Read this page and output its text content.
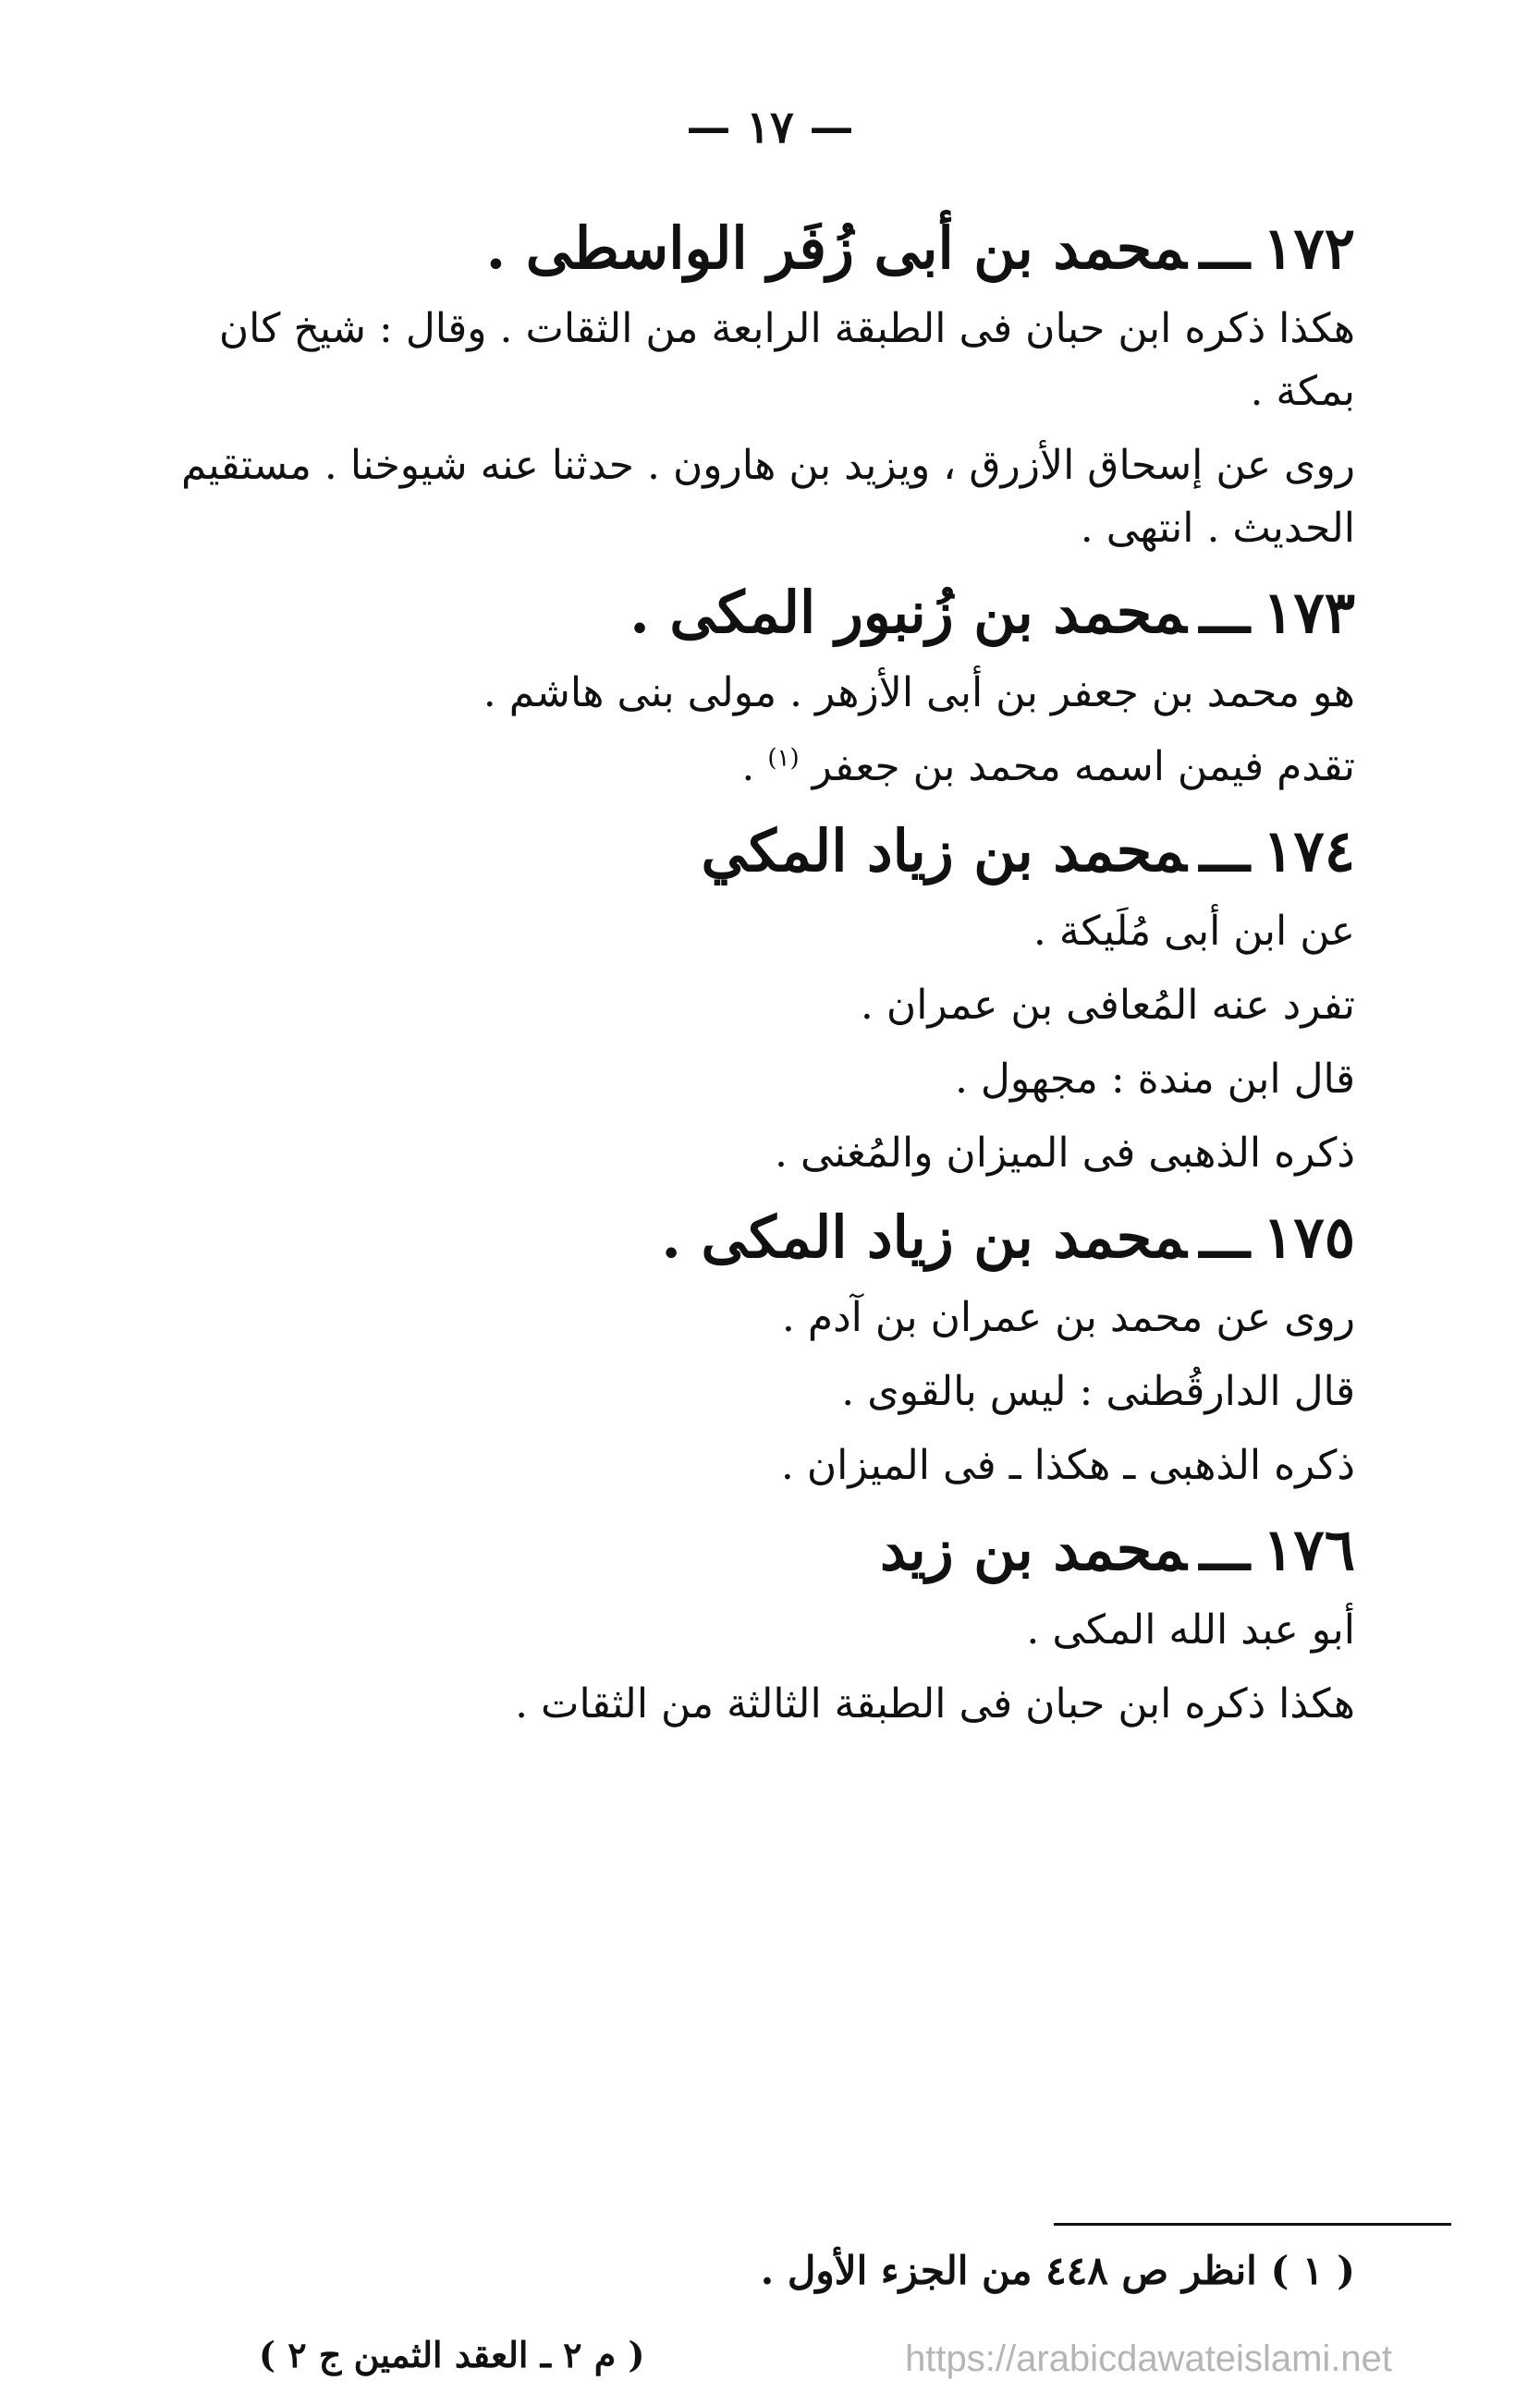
— ١٧ —
١٧٢ـــمحمد بن أبى زُفَر الواسطى .

هكذا ذكره ابن حبان فى الطبقة الرابعة من الثقات . وقال : شيخ كان بمكة .

روى عن إسحاق الأزرق ، ويزيد بن هارون . حدثنا عنه شيوخنا . مستقيم الحديث . انتهى .

١٧٣ـــمحمد بن زُنبور المكى .

هو محمد بن جعفر بن أبى الأزهر . مولى بنى هاشم .

تقدم فيمن اسمه محمد بن جعفر $^{(١)}$ .

١٧٤ـــمحمد بن زياد المكي

عن ابن أبى مُلَيكة .

تفرد عنه المُعافى بن عمران .

قال ابن مندة : مجهول .

ذكره الذهبى فى الميزان والمُغنى .

١٧٥ـــمحمد بن زياد المكى .

روى عن محمد بن عمران بن آدم .

قال الدارقُطنى : ليس بالقوى .

ذكره الذهبى ـ هكذا ـ فى الميزان .

١٧٦ـــمحمد بن زيد

أبو عبد الله المكى .

هكذا ذكره ابن حبان فى الطبقة الثالثة من الثقات .

( ١ ) انظر ص ٤٤٨ من الجزء الأول .
( م ٢ ـ العقد الثمين ج ٢ )	https://arabicdawateislami.net
